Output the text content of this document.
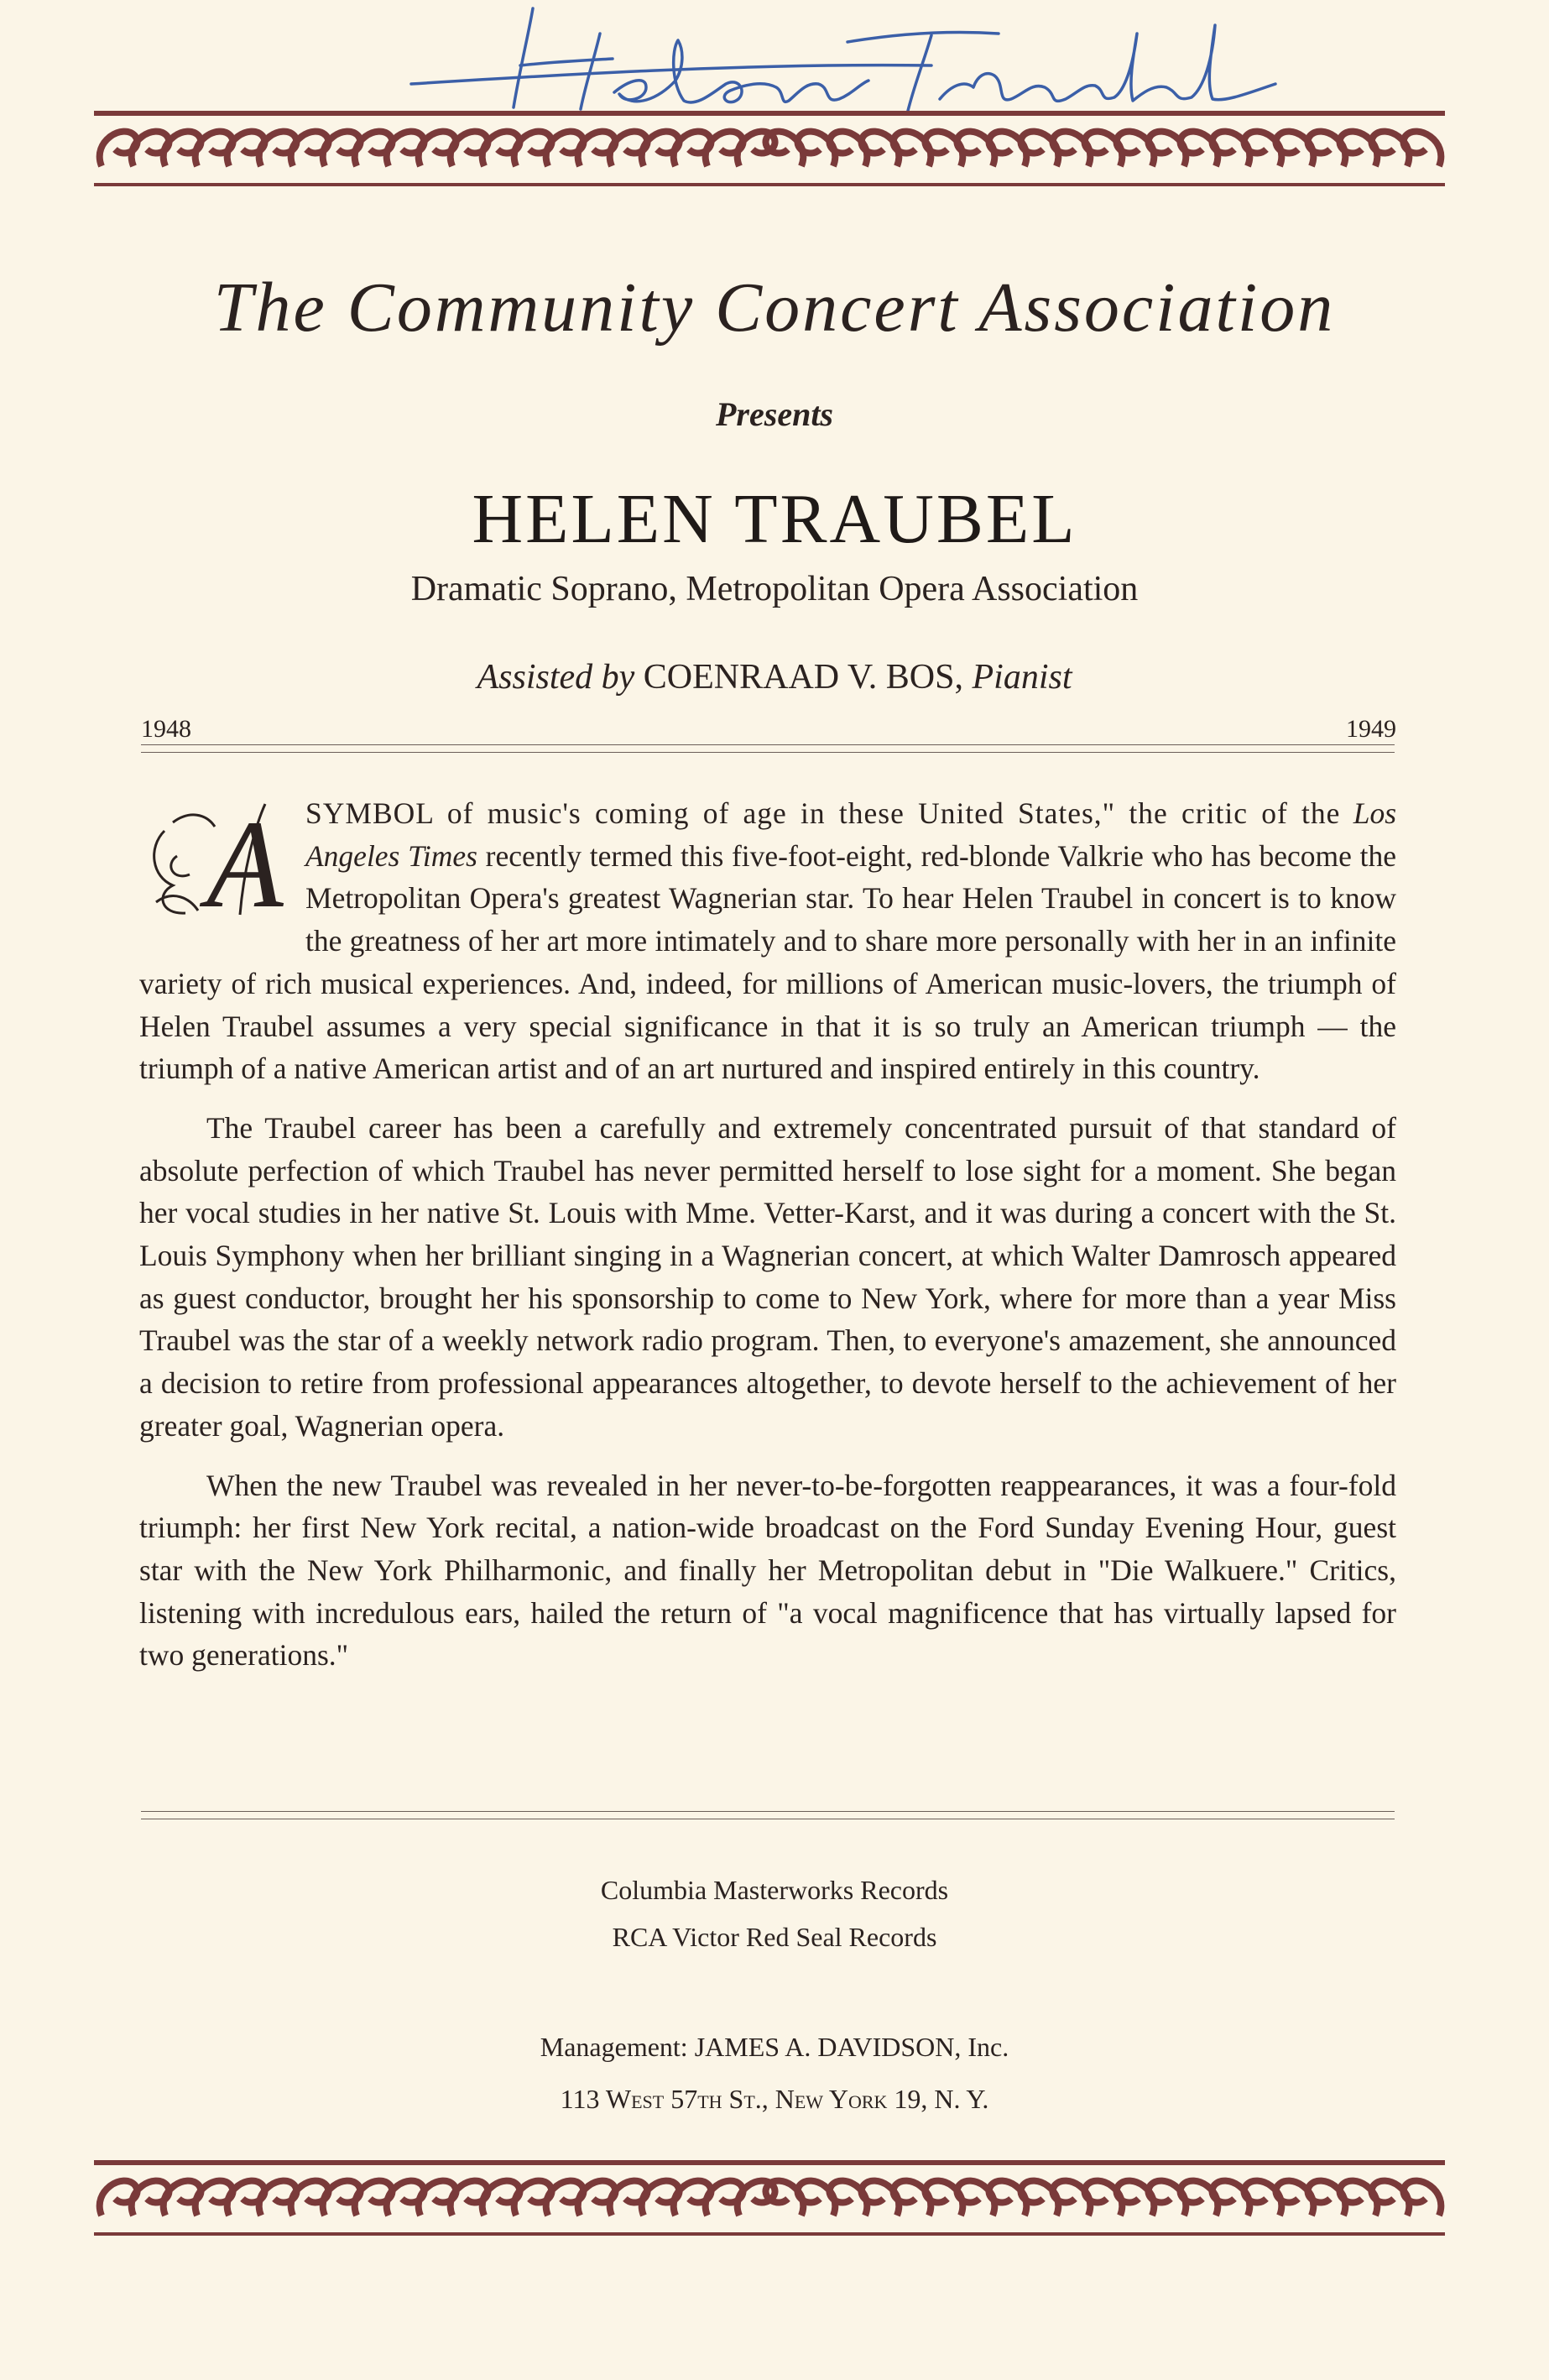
The Community Concert Association
Presents
HELEN TRAUBEL
Dramatic Soprano, Metropolitan Opera Association
Assisted by COENRAAD V. BOS, Pianist
1948	1949

A SYMBOL of music's coming of age in these United States," the critic of the Los Angeles Times recently termed this five-foot-eight, red-blonde Valkrie who has become the Metropolitan Opera's greatest Wagnerian star. To hear Helen Traubel in concert is to know the greatness of her art more intimately and to share more personally with her in an infinite variety of rich musical experiences. And, indeed, for millions of American music-lovers, the triumph of Helen Traubel assumes a very special significance in that it is so truly an American triumph — the triumph of a native American artist and of an art nurtured and inspired entirely in this country.

The Traubel career has been a carefully and extremely concentrated pursuit of that standard of absolute perfection of which Traubel has never permitted herself to lose sight for a moment. She began her vocal studies in her native St. Louis with Mme. Vetter-Karst, and it was during a concert with the St. Louis Symphony when her brilliant singing in a Wagnerian concert, at which Walter Damrosch appeared as guest conductor, brought her his sponsorship to come to New York, where for more than a year Miss Traubel was the star of a weekly network radio program. Then, to everyone's amazement, she announced a decision to retire from professional appearances altogether, to devote herself to the achievement of her greater goal, Wagnerian opera.

When the new Traubel was revealed in her never-to-be-forgotten reappearances, it was a four-fold triumph: her first New York recital, a nation-wide broadcast on the Ford Sunday Evening Hour, guest star with the New York Philharmonic, and finally her Metropolitan debut in "Die Walkuere." Critics, listening with incredulous ears, hailed the return of "a vocal magnificence that has virtually lapsed for two generations."

Columbia Masterworks Records
RCA Victor Red Seal Records
Management: JAMES A. DAVIDSON, Inc.
113 West 57th St., New York 19, N. Y.
